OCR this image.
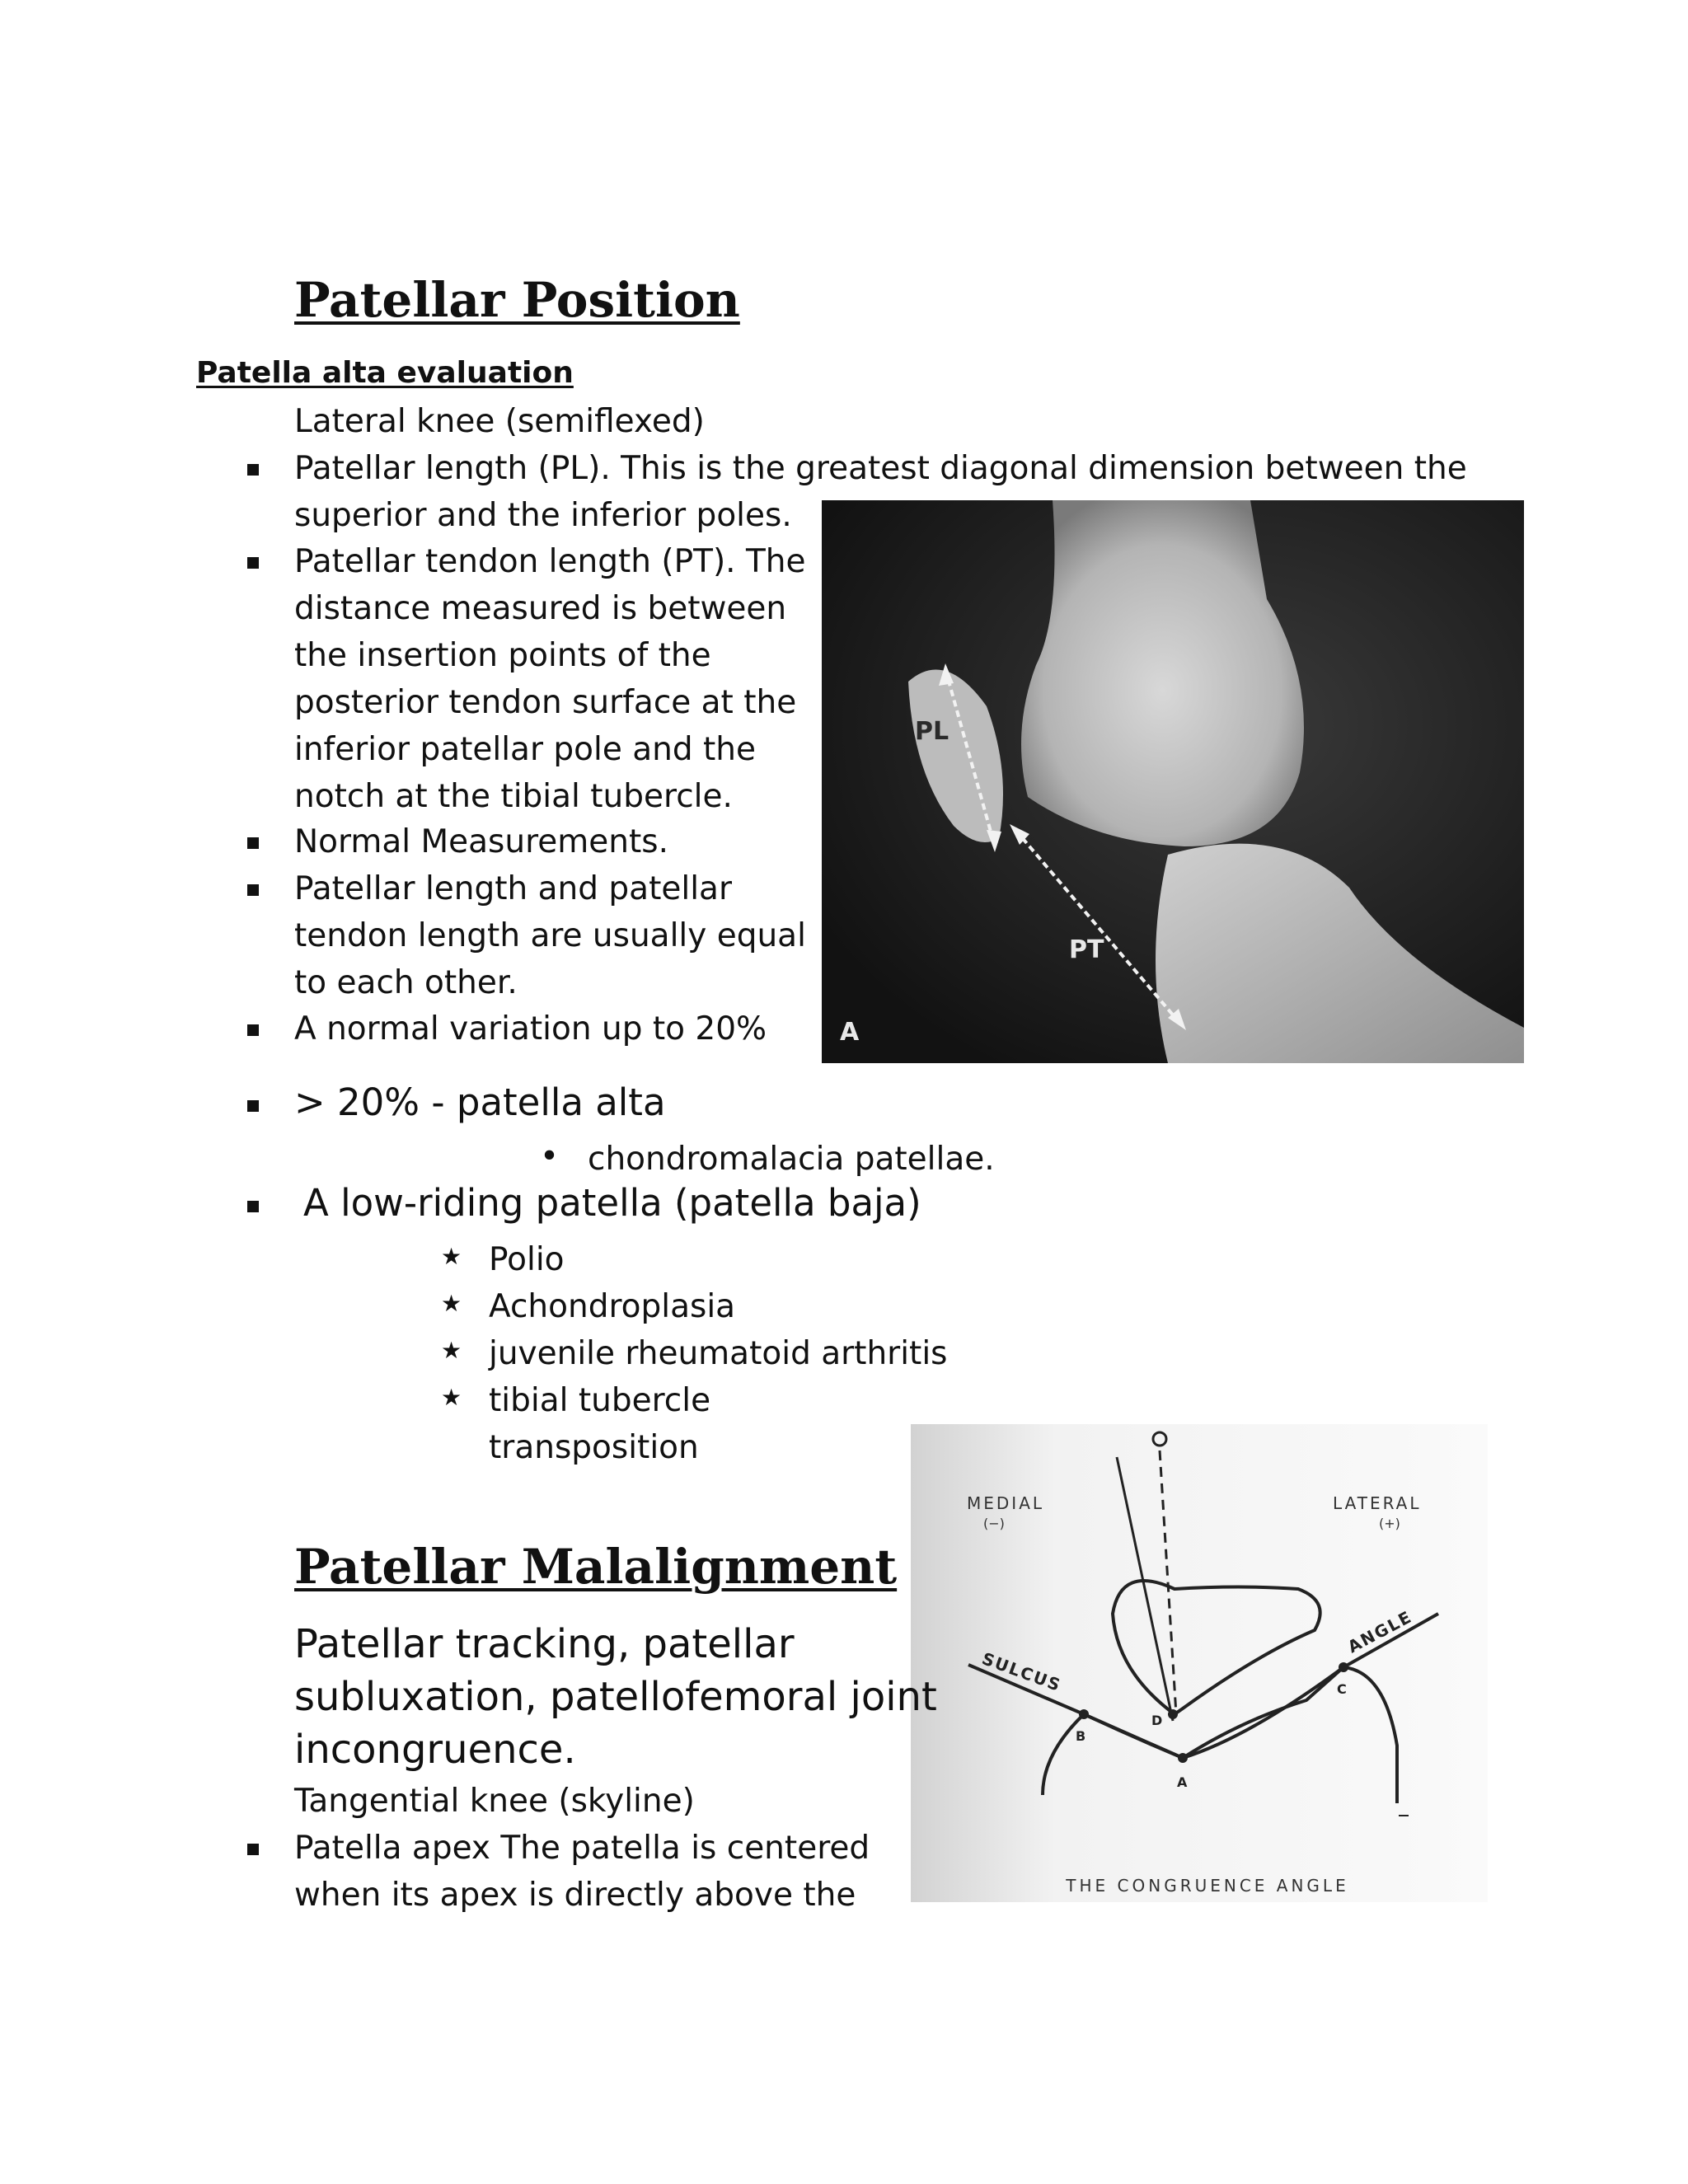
Patellar Position
Patella alta evaluation
Lateral knee (semiflexed)
Patellar length (PL). This is the greatest diagonal dimension between the
superior and the inferior poles.
Patellar tendon length (PT). The
distance measured is between
the insertion points of the
posterior tendon surface at the
inferior patellar pole and the
notch at the tibial tubercle.
Normal Measurements.
Patellar length and patellar
tendon length are usually equal
to each other.
A normal variation up to 20%
PL
PT
A
> 20% - patella alta
• chondromalacia patellae.
A low-riding patella (patella baja)
★ Polio
★ Achondroplasia
★ juvenile rheumatoid arthritis
★ tibial tubercle
transposition
MEDIAL
(−)
LATERAL
(+)
SULCUS
ANGLE
B
A
C
D
THE CONGRUENCE ANGLE
Patellar Malalignment
Patellar tracking, patellar
subluxation, patellofemoral joint
incongruence.
Tangential knee (skyline)
Patella apex The patella is centered
when its apex is directly above the
